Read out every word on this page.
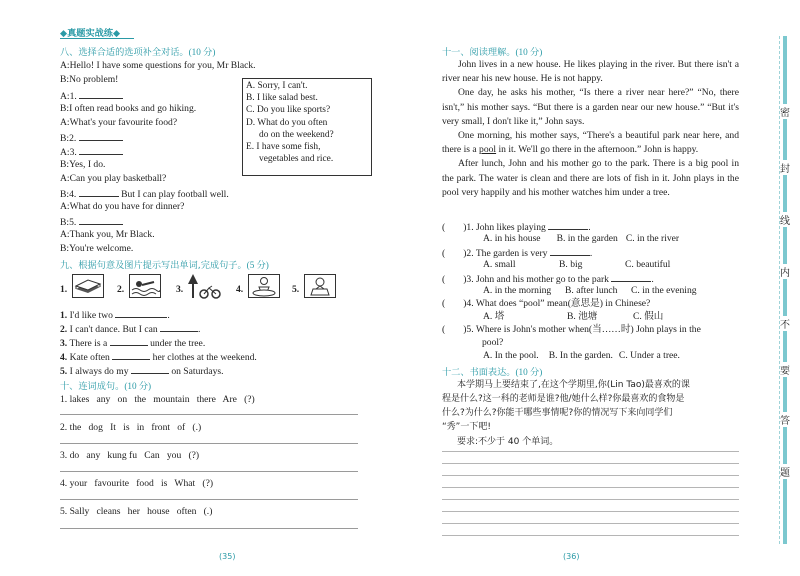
◆真题实战练◆
八、选择合适的选项补全对话。(10 分)
A:Hello! I have some questions for you, Mr Black.
B:No problem!
A:1.
B:I often read books and go hiking.
A:What's your favourite food?
B:2.
A:3.
B:Yes, I do.
A:Can you play basketball?
B:4.	But I can play football well.
A:What do you have for dinner?
B:5.
A:Thank you, Mr Black.
B:You're welcome.
A. Sorry, I can't.
B. I like salad best.
C. Do you like sports?
D. What do you often
do on the weekend?
E. I have some fish,
vegetables and rice.
九、根据句意及图片提示写出单词,完成句子。(5 分)
1.	2.	3.	4.	5.
1. I'd like two	.
2. I can't dance. But I can	.
3. There is a	under the tree.
4. Kate often	her clothes at the weekend.
5. I always do my	on Saturdays.
十、连词成句。(10 分)
1. lakes   any   on   the   mountain   there   Are   (?)
2. the   dog   It   is   in   front   of   (.)
3. do   any   kung fu   Can   you   (?)
4. your   favourite   food   is   What   (?)
5. Sally   cleans   her   house   often   (.)
(35)
十一、阅读理解。(10 分)
John lives in a new house. He likes playing in the river. But there isn't a river near his new house. He is not happy.
One day, he asks his mother, “Is there a river near here?” “No, there isn't,” his mother says. “But there is a garden near our new house.” “But it's very small, I don't like it,” John says.
One morning, his mother says, “There's a beautiful park near here, and there is a pool in it. We'll go there in the afternoon.” John is happy.
After lunch, John and his mother go to the park. There is a big pool in the park. The water is clean and there are lots of fish in it. John plays in the pool very happily and his mother watches him under a tree.
( )1. John likes playing	.
A. in his house B. in the garden C. in the river
( )2. The garden is very	.
A. small	B. big	C. beautiful
( )3. John and his mother go to the park	.
A. in the morning B. after lunch C. in the evening
( )4. What does “pool” mean(意思是) in Chinese?
A. 塔	B. 池塘	C. 假山
( )5. Where is John's mother when(当……时) John plays in the
pool?
A. In the pool. B. In the garden. C. Under a tree.
十二、书面表达。(10 分)
本学期马上要结束了,在这个学期里,你(Lin Tao)最喜欢的课
程是什么?这一科的老师是谁?他/她什么样?你最喜欢的食物是
什么?为什么?你能干哪些事情呢?你的情况写下来向同学们
“秀”一下吧!
要求:不少于 40 个单词。
(36)
密
封
线
内
不
要
答
题
